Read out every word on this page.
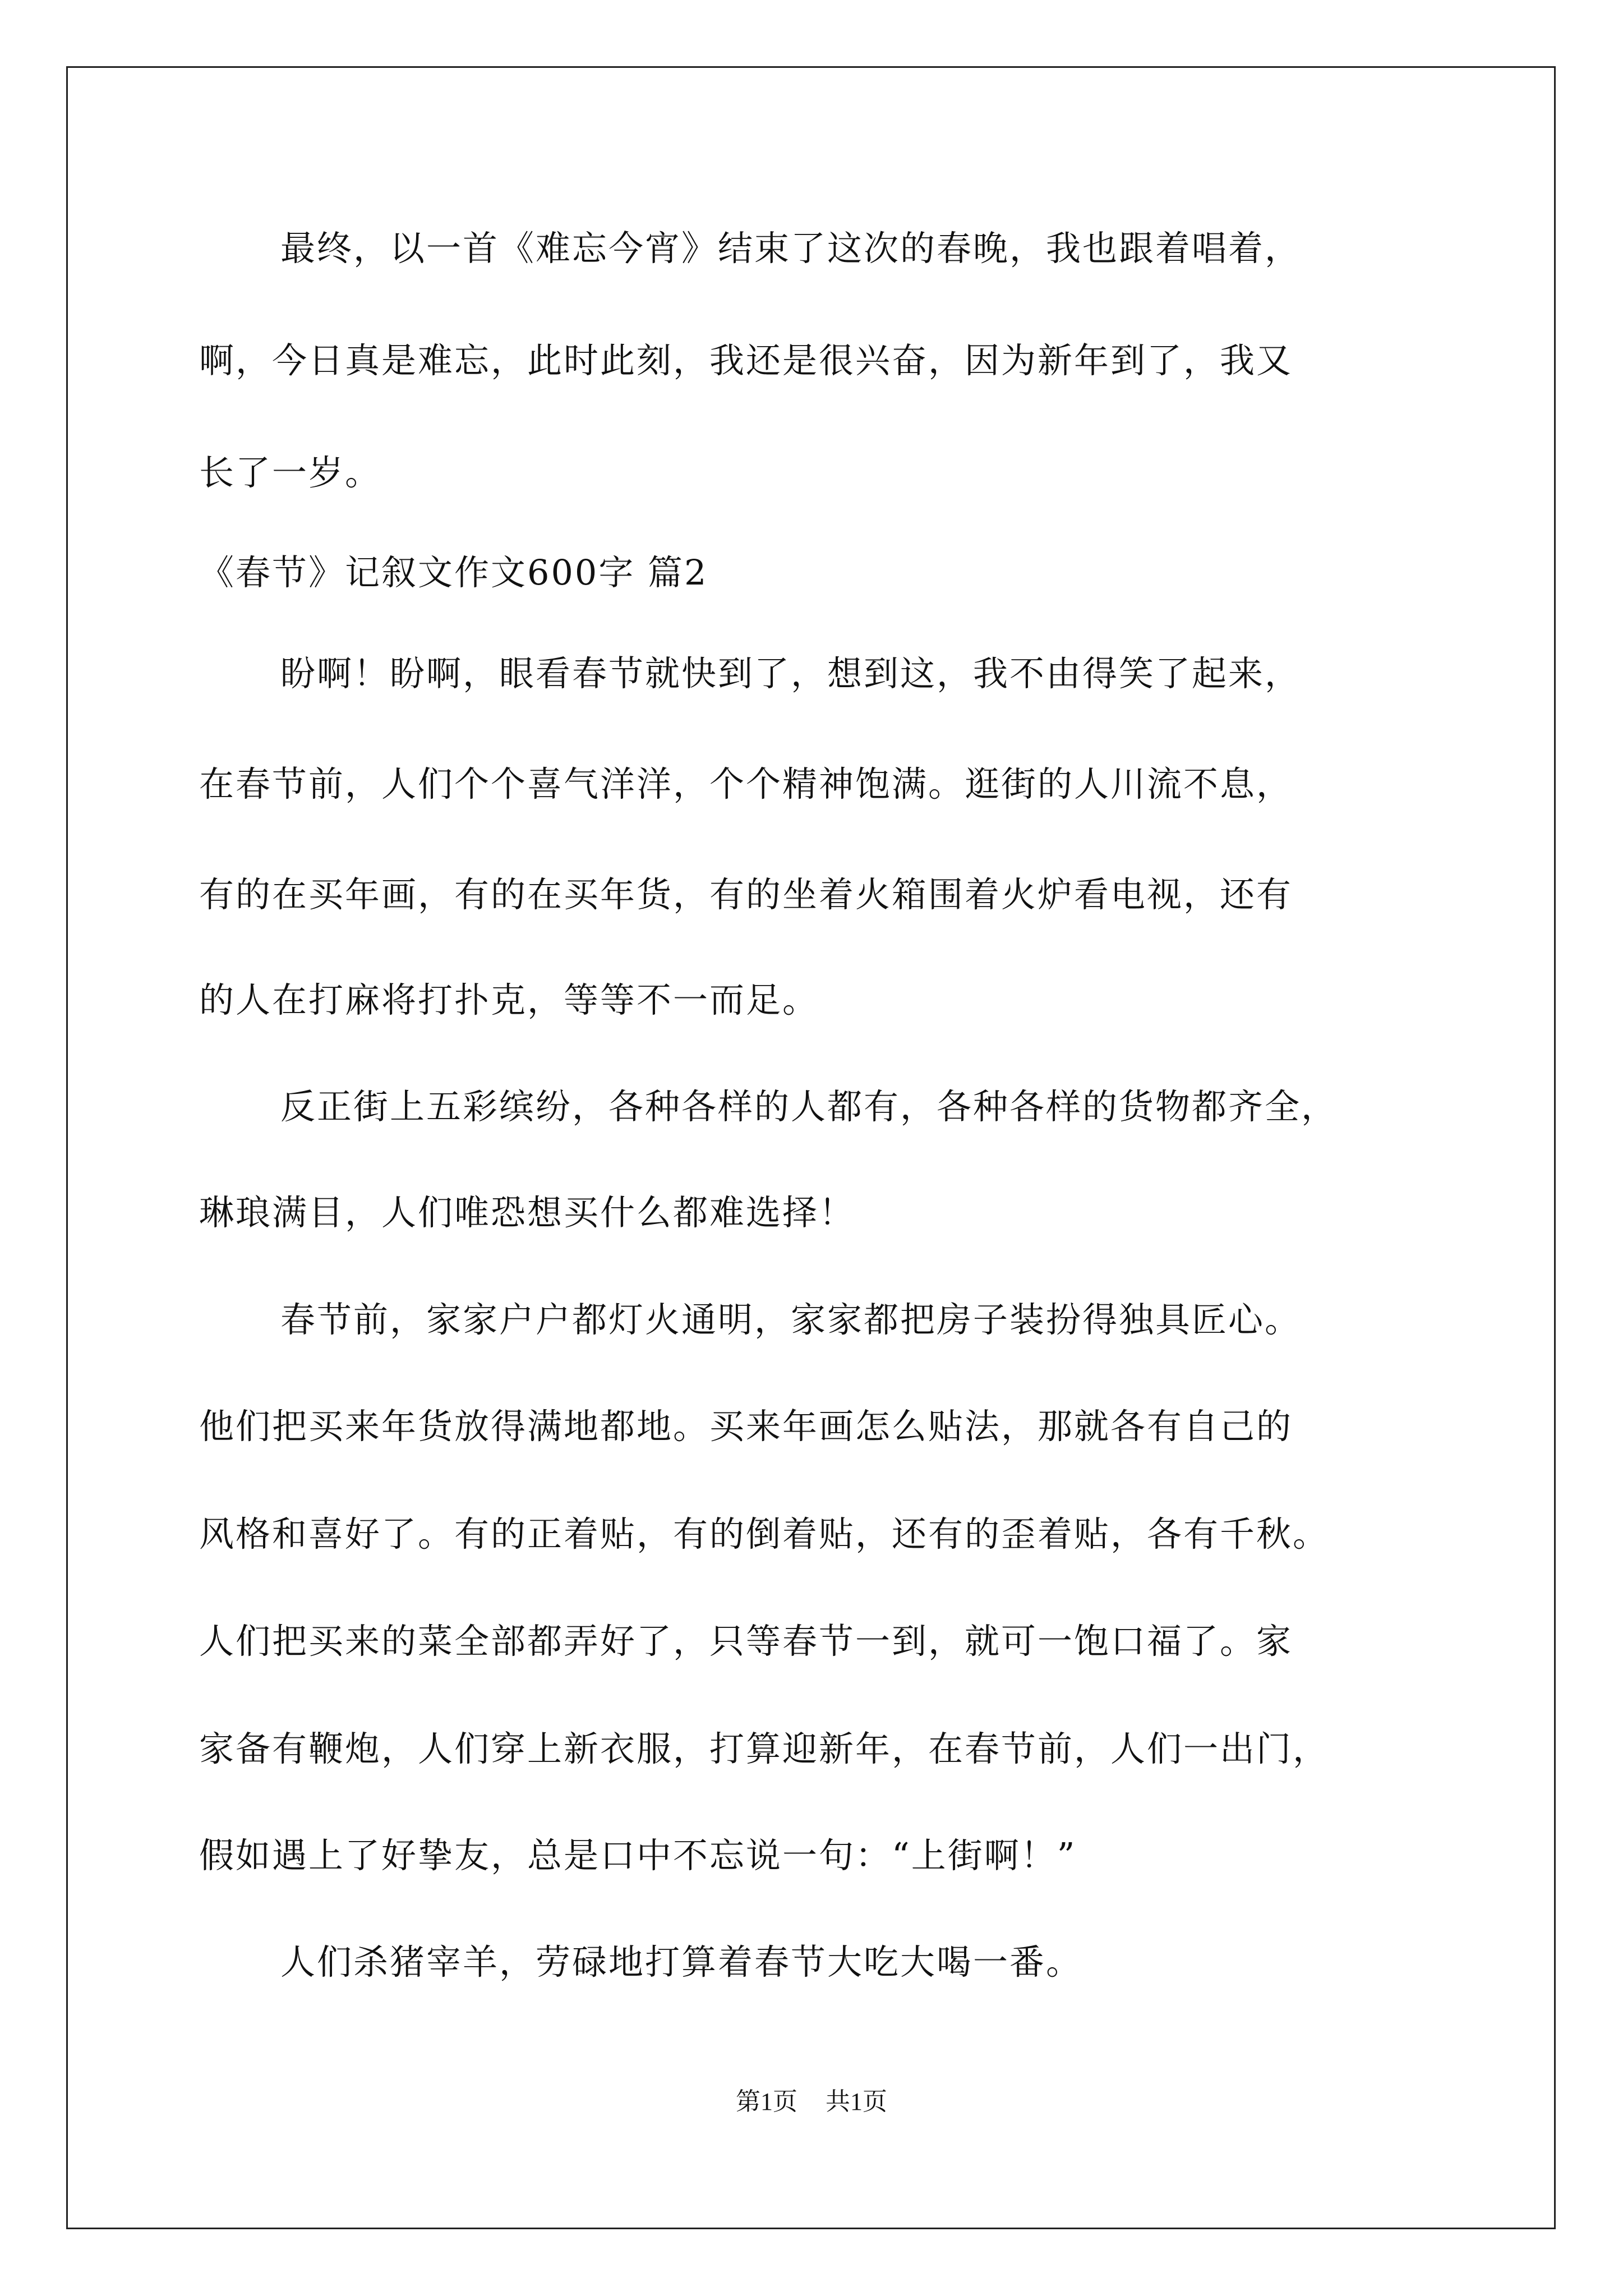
最终，以一首《难忘今宵》结束了这次的春晚，我也跟着唱着，
啊，今日真是难忘，此时此刻，我还是很兴奋，因为新年到了，我又
长了一岁。
《春节》记叙文作文600字 篇2
盼啊！盼啊，眼看春节就快到了，想到这，我不由得笑了起来，
在春节前，人们个个喜气洋洋，个个精神饱满。逛街的人川流不息，
有的在买年画，有的在买年货，有的坐着火箱围着火炉看电视，还有
的人在打麻将打扑克，等等不一而足。
反正街上五彩缤纷，各种各样的人都有，各种各样的货物都齐全，
琳琅满目，人们唯恐想买什么都难选择！
春节前，家家户户都灯火通明，家家都把房子装扮得独具匠心。
他们把买来年货放得满地都地。买来年画怎么贴法，那就各有自己的
风格和喜好了。有的正着贴，有的倒着贴，还有的歪着贴，各有千秋。
人们把买来的菜全部都弄好了，只等春节一到，就可一饱口福了。家
家备有鞭炮，人们穿上新衣服，打算迎新年，在春节前，人们一出门，
假如遇上了好挚友，总是口中不忘说一句：“上街啊！”
人们杀猪宰羊，劳碌地打算着春节大吃大喝一番。
第1页 共1页
